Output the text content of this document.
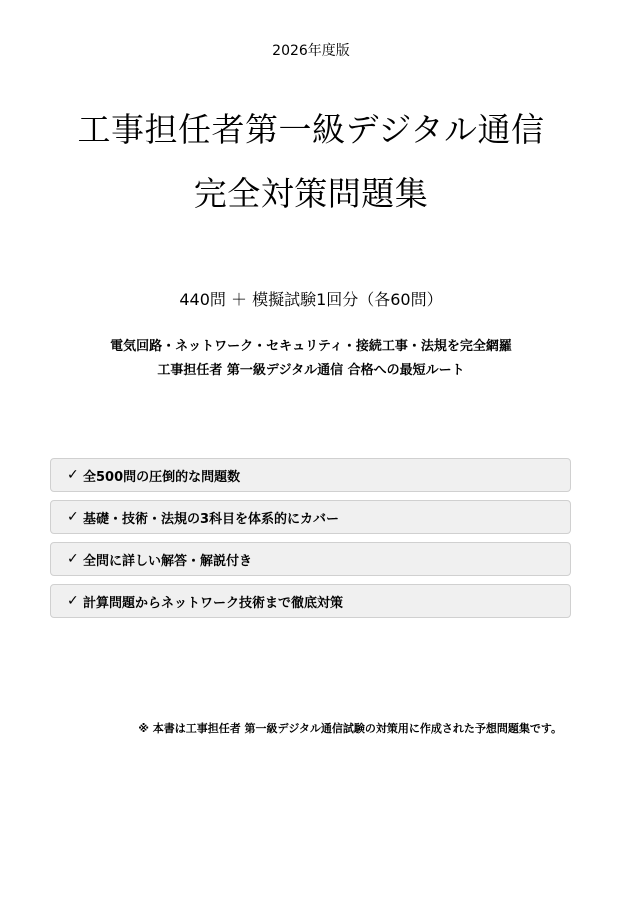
2026年度版
工事担任者第一級デジタル通信
完全対策問題集
440問 ＋ 模擬試験1回分（各60問）
電気回路・ネットワーク・セキュリティ・接続工事・法規を完全網羅
工事担任者 第一級デジタル通信 合格への最短ルート
✓ 全500問の圧倒的な問題数
✓ 基礎・技術・法規の3科目を体系的にカバー
✓ 全問に詳しい解答・解説付き
✓ 計算問題からネットワーク技術まで徹底対策
※ 本書は工事担任者 第一級デジタル通信試験の対策用に作成された予想問題集です。
